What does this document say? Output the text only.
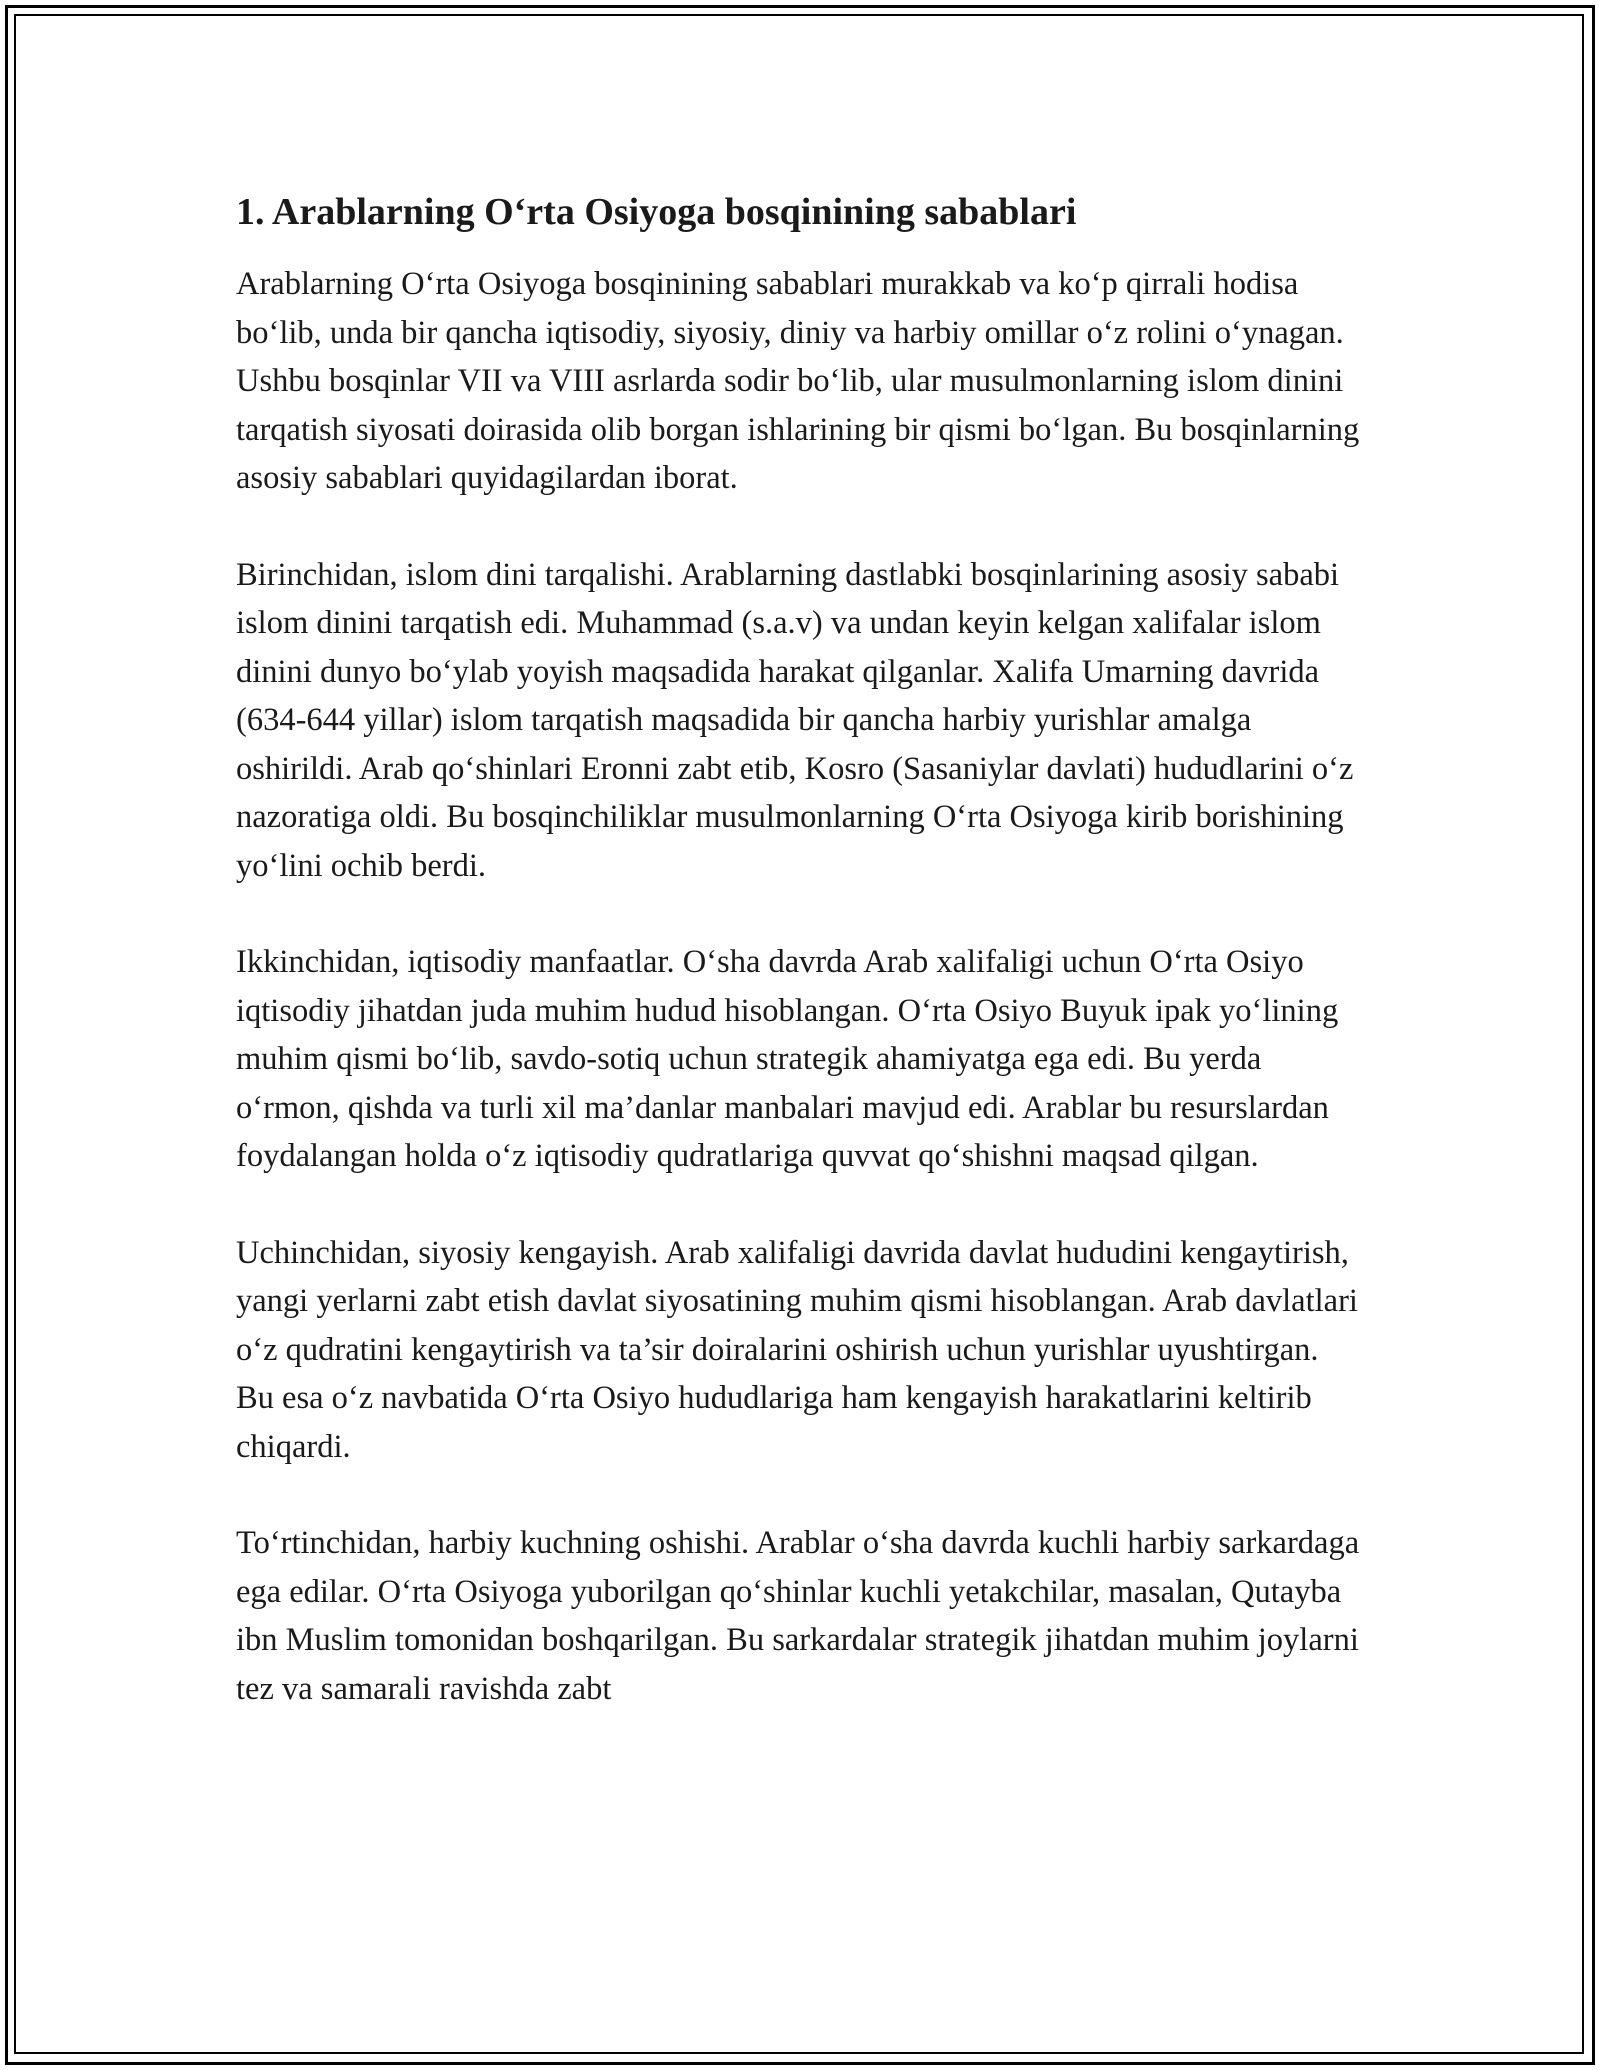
1. Arablarning O‘rta Osiyoga bosqinining sabablari

Arablarning O‘rta Osiyoga bosqinining sabablari murakkab va ko‘p qirrali hodisa bo‘lib, unda bir qancha iqtisodiy, siyosiy, diniy va harbiy omillar o‘z rolini o‘ynagan. Ushbu bosqinlar VII va VIII asrlarda sodir bo‘lib, ular musulmonlarning islom dinini tarqatish siyosati doirasida olib borgan ishlarining bir qismi bo‘lgan. Bu bosqinlarning asosiy sabablari quyidagilardan iborat.

Birinchidan, islom dini tarqalishi. Arablarning dastlabki bosqinlarining asosiy sababi islom dinini tarqatish edi. Muhammad (s.a.v) va undan keyin kelgan xalifalar islom dinini dunyo bo‘ylab yoyish maqsadida harakat qilganlar. Xalifa Umarning davrida (634-644 yillar) islom tarqatish maqsadida bir qancha harbiy yurishlar amalga oshirildi. Arab qo‘shinlari Eronni zabt etib, Kosro (Sasaniylar davlati) hududlarini o‘z nazoratiga oldi. Bu bosqinchiliklar musulmonlarning O‘rta Osiyoga kirib borishining yo‘lini ochib berdi.

Ikkinchidan, iqtisodiy manfaatlar. O‘sha davrda Arab xalifaligi uchun O‘rta Osiyo iqtisodiy jihatdan juda muhim hudud hisoblangan. O‘rta Osiyo Buyuk ipak yo‘lining muhim qismi bo‘lib, savdo-sotiq uchun strategik ahamiyatga ega edi. Bu yerda o‘rmon, qishda va turli xil ma’danlar manbalari mavjud edi. Arablar bu resurslardan foydalangan holda o‘z iqtisodiy qudratlariga quvvat qo‘shishni maqsad qilgan.

Uchinchidan, siyosiy kengayish. Arab xalifaligi davrida davlat hududini kengaytirish, yangi yerlarni zabt etish davlat siyosatining muhim qismi hisoblangan. Arab davlatlari o‘z qudratini kengaytirish va ta’sir doiralarini oshirish uchun yurishlar uyushtirgan. Bu esa o‘z navbatida O‘rta Osiyo hududlariga ham kengayish harakatlarini keltirib chiqardi.

To‘rtinchidan, harbiy kuchning oshishi. Arablar o‘sha davrda kuchli harbiy sarkardaga ega edilar. O‘rta Osiyoga yuborilgan qo‘shinlar kuchli yetakchilar, masalan, Qutayba ibn Muslim tomonidan boshqarilgan. Bu sarkardalar strategik jihatdan muhim joylarni tez va samarali ravishda zabt
